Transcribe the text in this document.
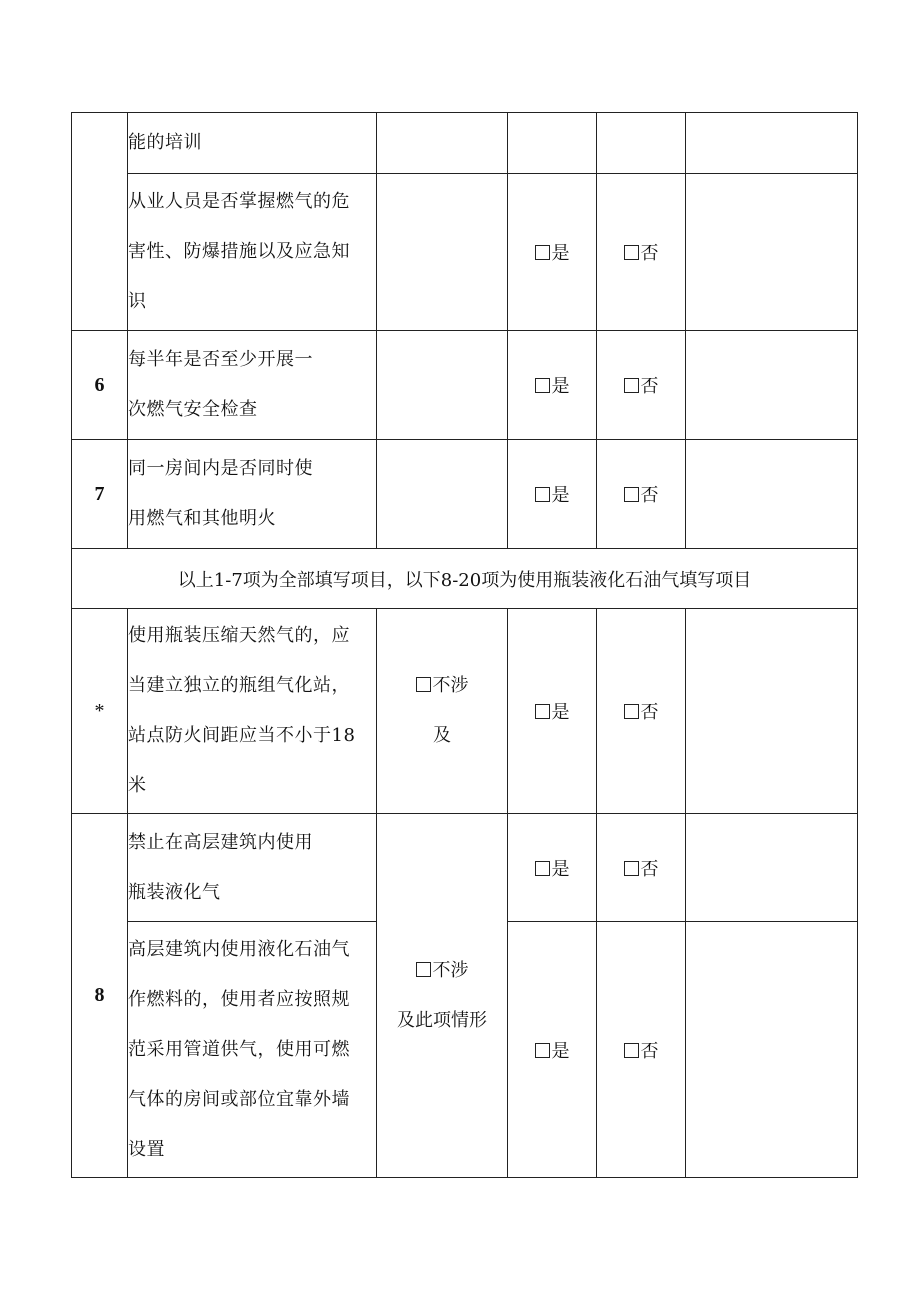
	能的培训				

	从业人员是否掌握燃气的危
害性、防爆措施以及应急知
识		是	否	
6	每半年是否至少开展一
次燃气安全检查		是	否	
7	同一房间内是否同时使
用燃气和其他明火		是	否	
以上1-7项为全部填写项目，以下8-20项为使用瓶装液化石油气填写项目					
*	使用瓶装压缩天然气的，应
当建立独立的瓶组气化站，
站点防火间距应当不小于18
米	不涉
及	是	否	
8	禁止在高层建筑内使用
瓶装液化气	不涉
及此项情形	是	否	

	高层建筑内使用液化石油气
作燃料的，使用者应按照规
范采用管道供气，使用可燃
气体的房间或部位宜靠外墙
设置		是	否	
